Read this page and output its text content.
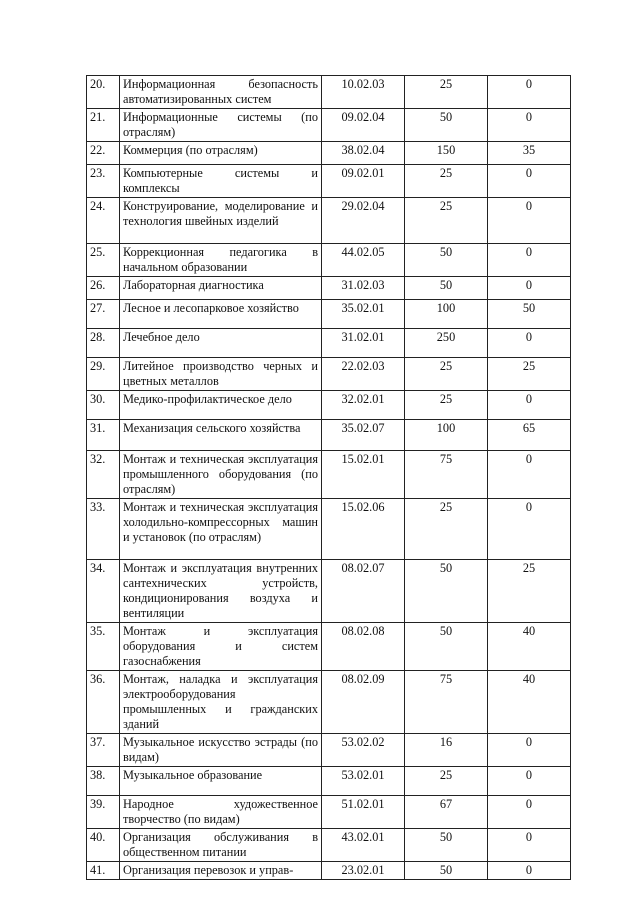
20.	Информационная безопасность автоматизированных систем	10.02.03	25	0
21.	Информационные системы (по отраслям)	09.02.04	50	0
22.	Коммерция (по отраслям)	38.02.04	150	35
23.	Компьютерные системы и комплексы	09.02.01	25	0
24.	Конструирование, моделирование и технология швейных изделий	29.02.04	25	0
25.	Коррекционная педагогика в начальном образовании	44.02.05	50	0
26.	Лабораторная диагностика	31.02.03	50	0
27.	Лесное и лесопарковое хозяйство	35.02.01	100	50
28.	Лечебное дело	31.02.01	250	0
29.	Литейное производство черных и цветных металлов	22.02.03	25	25
30.	Медико-профилактическое дело	32.02.01	25	0
31.	Механизация сельского хозяйства	35.02.07	100	65
32.	Монтаж и техническая эксплуатация промышленного оборудования (по отраслям)	15.02.01	75	0
33.	Монтаж и техническая эксплуатация холодильно-компрессорных машин и установок (по отраслям)	15.02.06	25	0
34.	Монтаж и эксплуатация внутренних сантехнических устройств, кондиционирования воздуха и вентиляции	08.02.07	50	25
35.	Монтаж и эксплуатация оборудования и систем газоснабжения	08.02.08	50	40
36.	Монтаж, наладка и эксплуатация электрооборудования промышленных и гражданских зданий	08.02.09	75	40
37.	Музыкальное искусство эстрады (по видам)	53.02.02	16	0
38.	Музыкальное образование	53.02.01	25	0
39.	Народное художественное творчество (по видам)	51.02.01	67	0
40.	Организация обслуживания в общественном питании	43.02.01	50	0
41.	Организация перевозок и управ-	23.02.01	50	0
